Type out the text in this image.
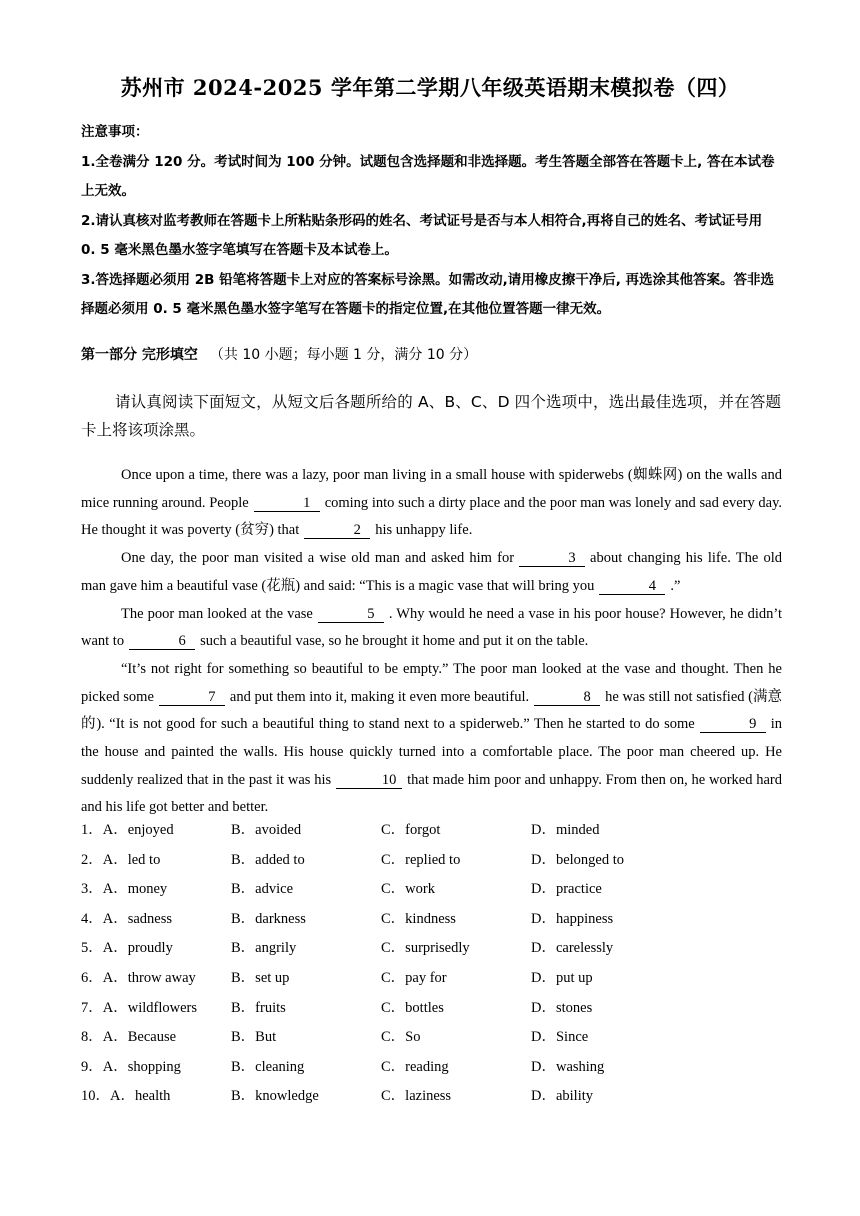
苏州市 2024-2025 学年第二学期八年级英语期末模拟卷（四）

注意事项：

1.全卷满分 120 分。考试时间为 100 分钟。试题包含选择题和非选择题。考生答题全部答在答题卡上, 答在本试卷上无效。

2.请认真核对监考教师在答题卡上所粘贴条形码的姓名、考试证号是否与本人相符合,再将自己的姓名、考试证号用 0. 5 毫米黑色墨水签字笔填写在答题卡及本试卷上。

3.答选择题必须用 2B 铅笔将答题卡上对应的答案标号涂黑。如需改动,请用橡皮擦干净后, 再选涂其他答案。答非选择题必须用 0. 5 毫米黑色墨水签字笔写在答题卡的指定位置,在其他位置答题一律无效。

第一部分 完形填空 （共 10 小题；每小题 1 分，满分 10 分）

请认真阅读下面短文，从短文后各题所给的 A、B、C、D 四个选项中，选出最佳选项，并在答题卡上将该项涂黑。

Once upon a time, there was a lazy, poor man living in a small house with spiderwebs (蜘蛛网) on the walls and mice running around. People	1 coming into such a dirty place and the poor man was lonely and sad every day. He thought it was poverty (贫穷) that	2 his unhappy life.

One day, the poor man visited a wise old man and asked him for	3 about changing his life. The old man gave him a beautiful vase (花瓶) and said: “This is a magic vase that will bring you	4 .”

The poor man looked at the vase	5 . Why would he need a vase in his poor house? However, he didn’t want to	6 such a beautiful vase, so he brought it home and put it on the table.

“It’s not right for something so beautiful to be empty.” The poor man looked at the vase and thought. Then he picked some	7 and put them into it, making it even more beautiful.	8 he was still not satisfied (满意的). “It is not good for such a beautiful thing to stand next to a spiderweb.” Then he started to do some	9 in the house and painted the walls. His house quickly turned into a comfortable place. The poor man cheered up. He suddenly realized that in the past it was his	10 that made him poor and unhappy. From then on, he worked hard and his life got better and better.

1．A．enjoyed	B．avoided	C．forgot	D．minded
2．A．led to	B．added to	C．replied to	D．belonged to
3．A．money	B．advice	C．work	D．practice
4．A．sadness	B．darkness	C．kindness	D．happiness
5．A．proudly	B．angrily	C．surprisedly	D．carelessly
6．A．throw away B．set up	C．pay for	D．put up
7．A．wildflowers B．fruits	C．bottles	D．stones
8．A．Because	B．But	C．So	D．Since
9．A．shopping	B．cleaning	C．reading	D．washing
10．A．health	B．knowledge	C．laziness	D．ability
